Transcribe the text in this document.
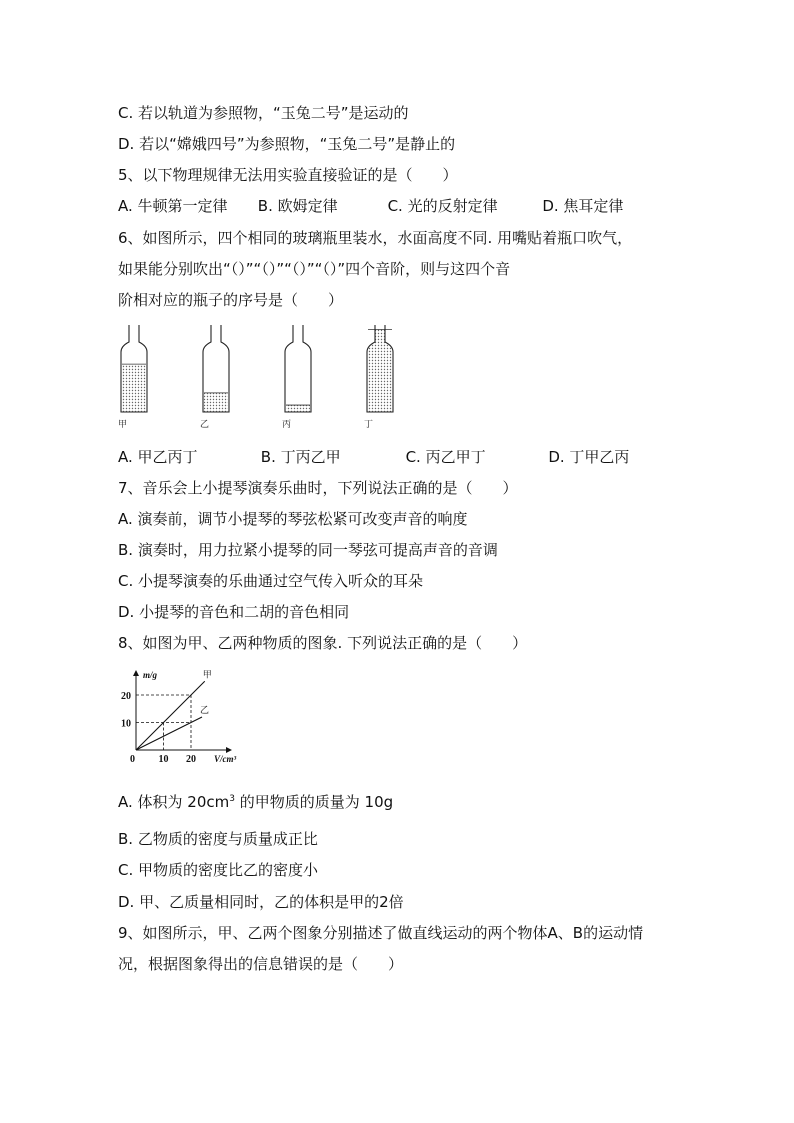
C. 若以轨道为参照物，“玉兔二号”是运动的
D. 若以“嫦娥四号”为参照物，“玉兔二号”是静止的
5、以下物理规律无法用实验直接验证的是（　　）
A. 牛顿第一定律 B. 欧姆定律	C. 光的反射定律	D. 焦耳定律
6、如图所示，四个相同的玻璃瓶里装水，水面高度不同. 用嘴贴着瓶口吹气，
如果能分别吹出“（）”“（）”“（）”“（）”四个音阶，则与这四个音
阶相对应的瓶子的序号是（　　）
甲	乙	丙	丁
A. 甲乙丙丁	B. 丁丙乙甲	C. 丙乙甲丁	D. 丁甲乙丙
7、音乐会上小提琴演奏乐曲时，下列说法正确的是（　　）
A. 演奏前，调节小提琴的琴弦松紧可改变声音的响度
B. 演奏时，用力拉紧小提琴的同一琴弦可提高声音的音调
C. 小提琴演奏的乐曲通过空气传入听众的耳朵
D. 小提琴的音色和二胡的音色相同
8、如图为甲、乙两种物质的图象. 下列说法正确的是（　　）
甲
乙
0 10 20
10
20
m/g
V/cm³
A. 体积为 $20cm^3$ 的甲物质的质量为 10g
B. 乙物质的密度与质量成正比
C. 甲物质的密度比乙的密度小
D. 甲、乙质量相同时，乙的体积是甲的2倍
9、如图所示，甲、乙两个图象分别描述了做直线运动的两个物体A、B的运动情
况，根据图象得出的信息错误的是（　　）
